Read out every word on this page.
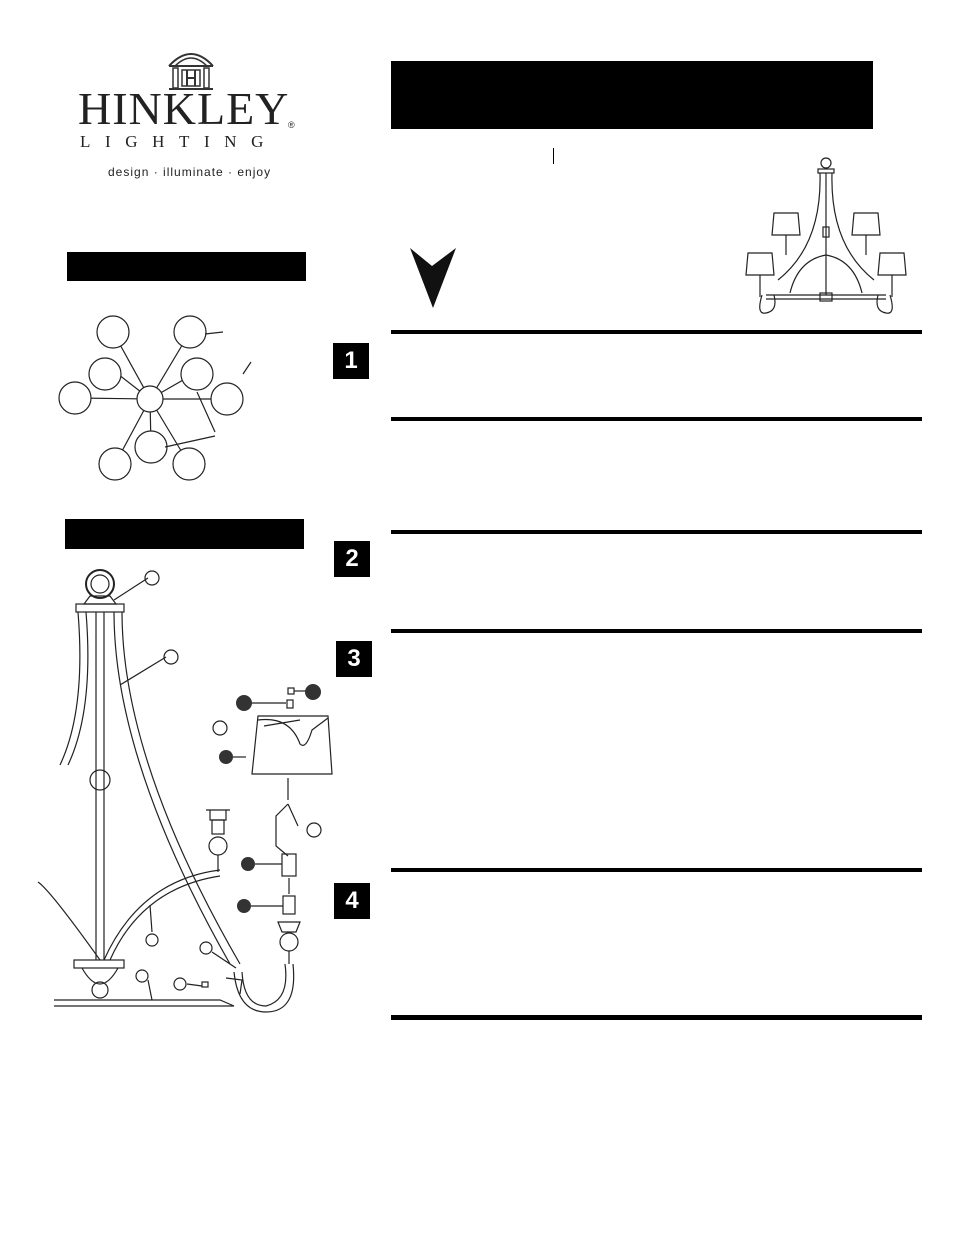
HINKLEY
®
LIGHTING
design · illuminate · enjoy
1
2
3
4
